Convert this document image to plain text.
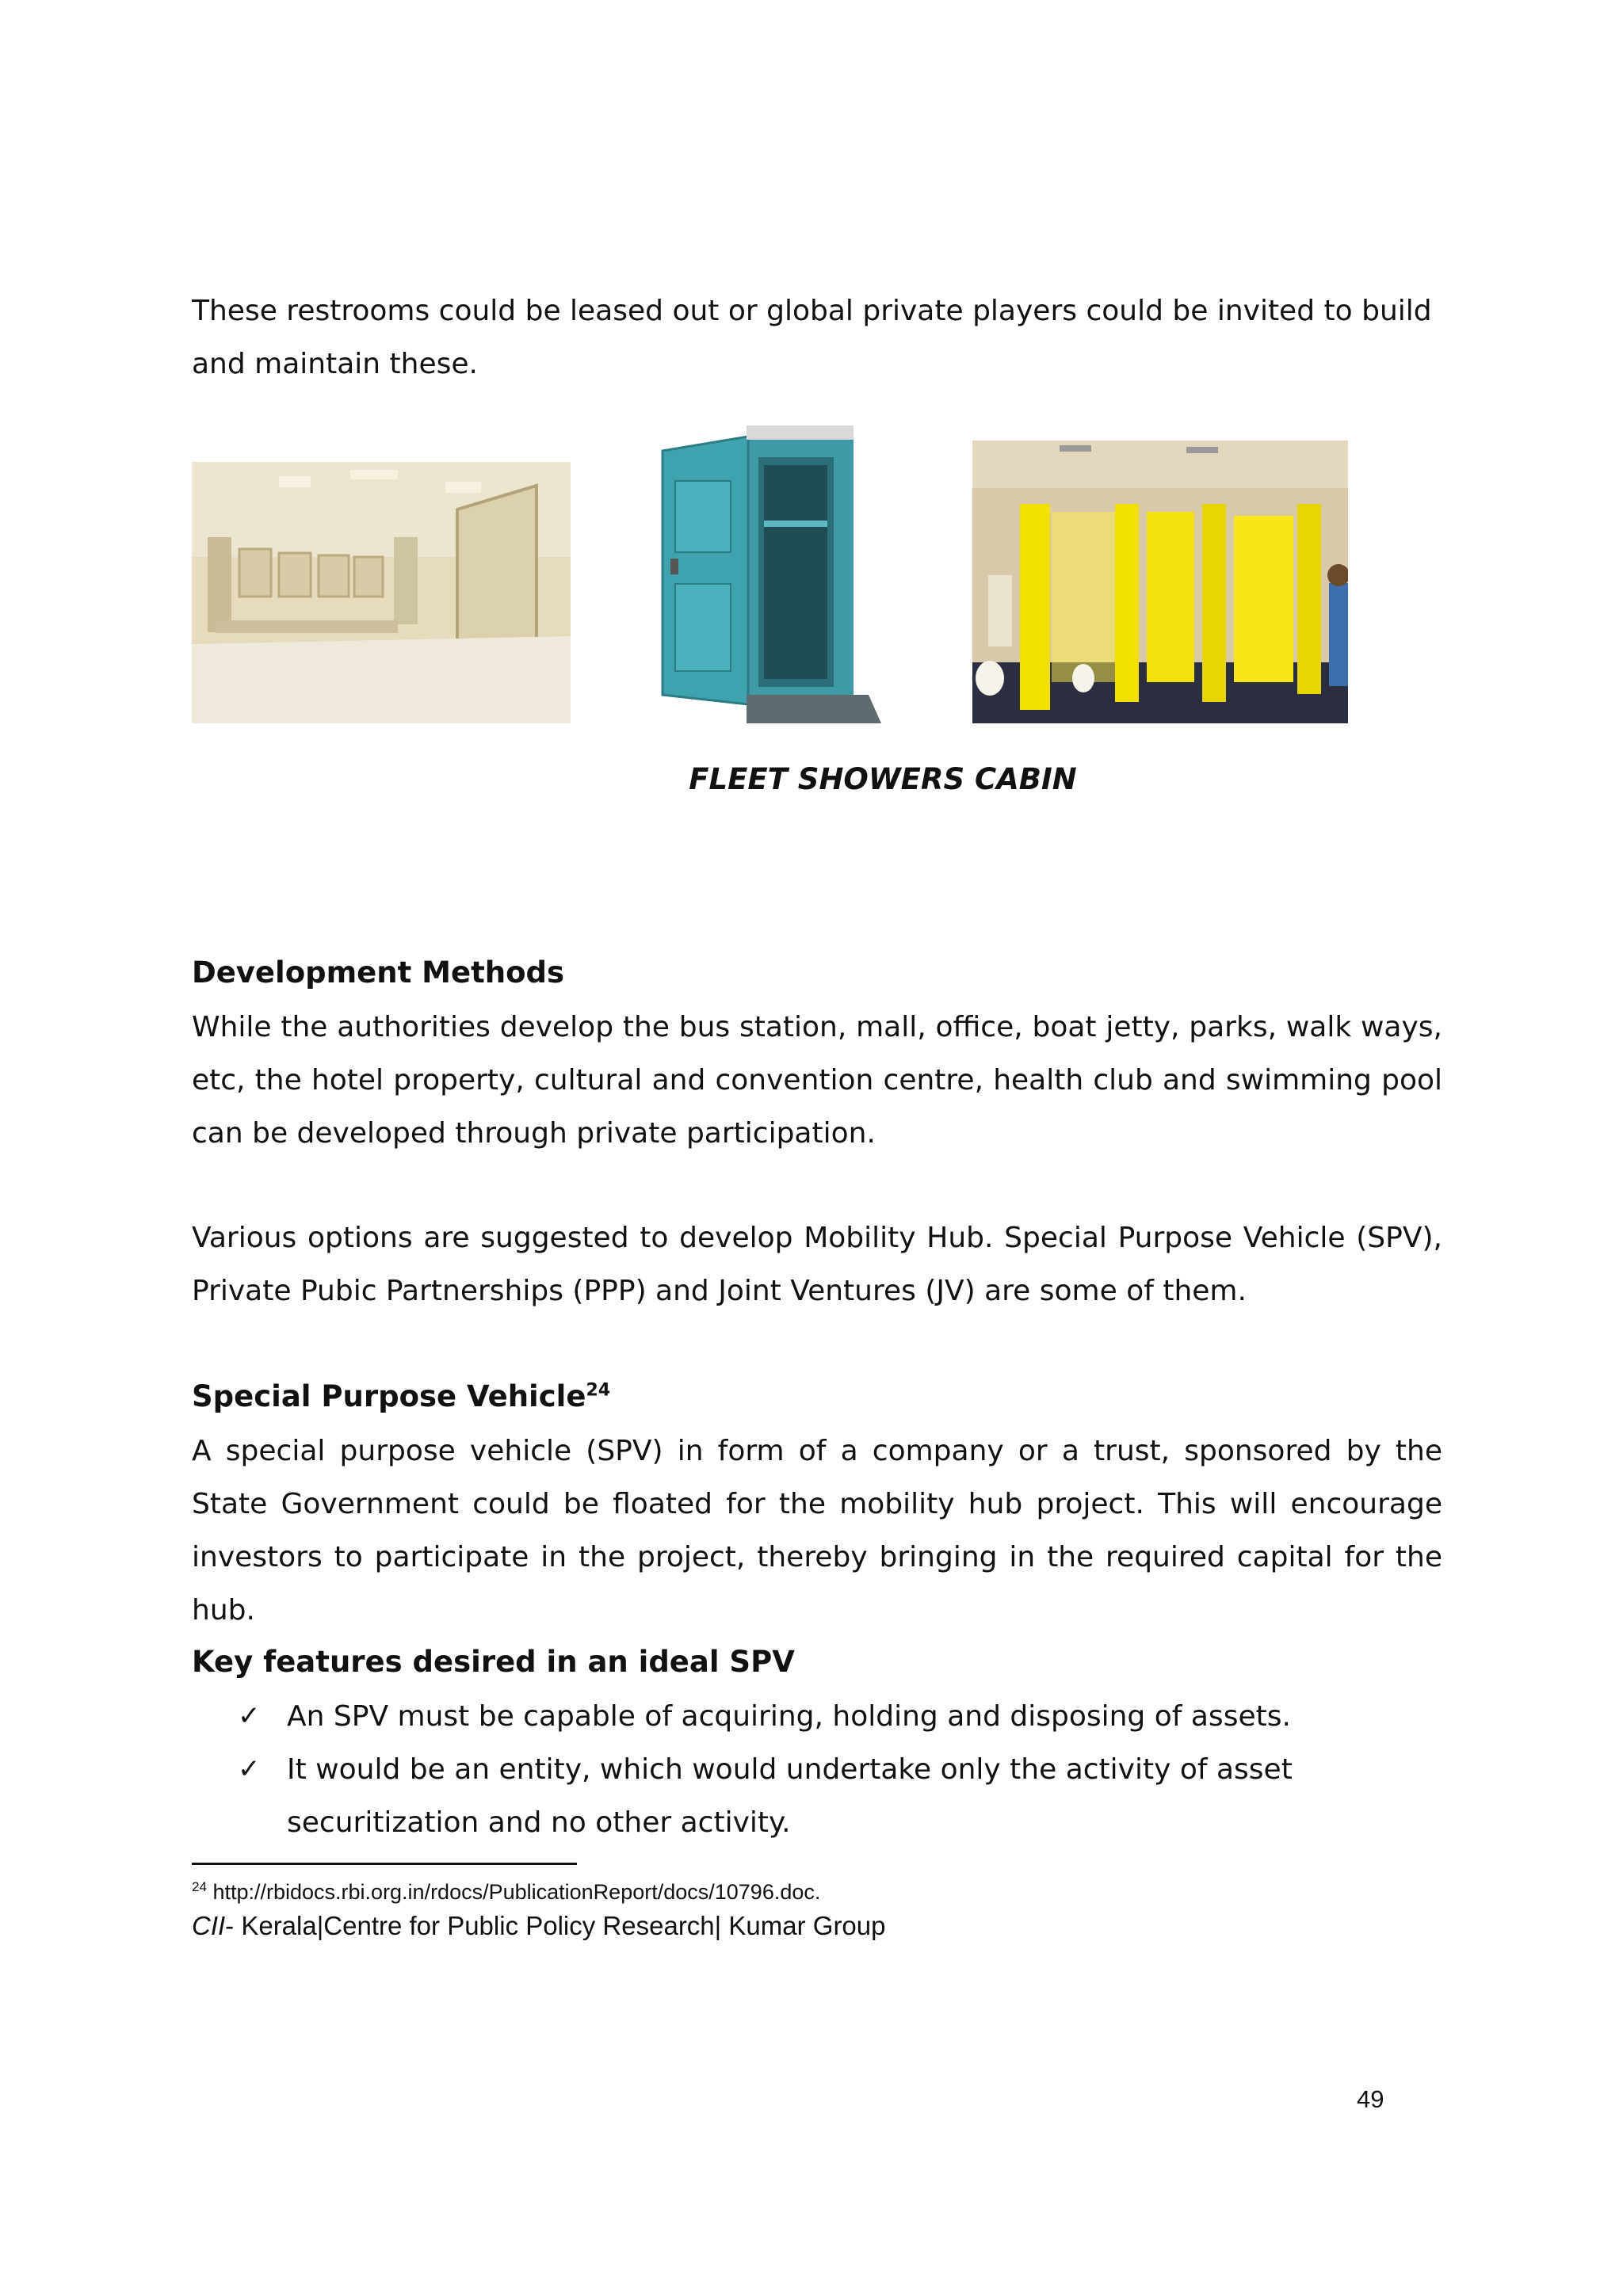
These restrooms could be leased out or global private players could be invited to build and maintain these.
FLEET SHOWERS CABIN
Development Methods
While the authorities develop the bus station, mall, office, boat jetty, parks, walk ways, etc, the hotel property, cultural and convention centre, health club and swimming pool can be developed through private participation.
Various options are suggested to develop Mobility Hub. Special Purpose Vehicle (SPV), Private Pubic Partnerships (PPP) and Joint Ventures (JV) are some of them.
Special Purpose Vehicle$^{24}$
A special purpose vehicle (SPV) in form of a company or a trust, sponsored by the State Government could be floated for the mobility hub project. This will encourage investors to participate in the project, thereby bringing in the required capital for the hub.
Key features desired in an ideal SPV
✓ An SPV must be capable of acquiring, holding and disposing of assets.
✓ It would be an entity, which would undertake only the activity of asset securitization and no other activity.
$^{24}$ http://rbidocs.rbi.org.in/rdocs/PublicationReport/docs/10796.doc.
CII- Kerala|Centre for Public Policy Research| Kumar Group
49
